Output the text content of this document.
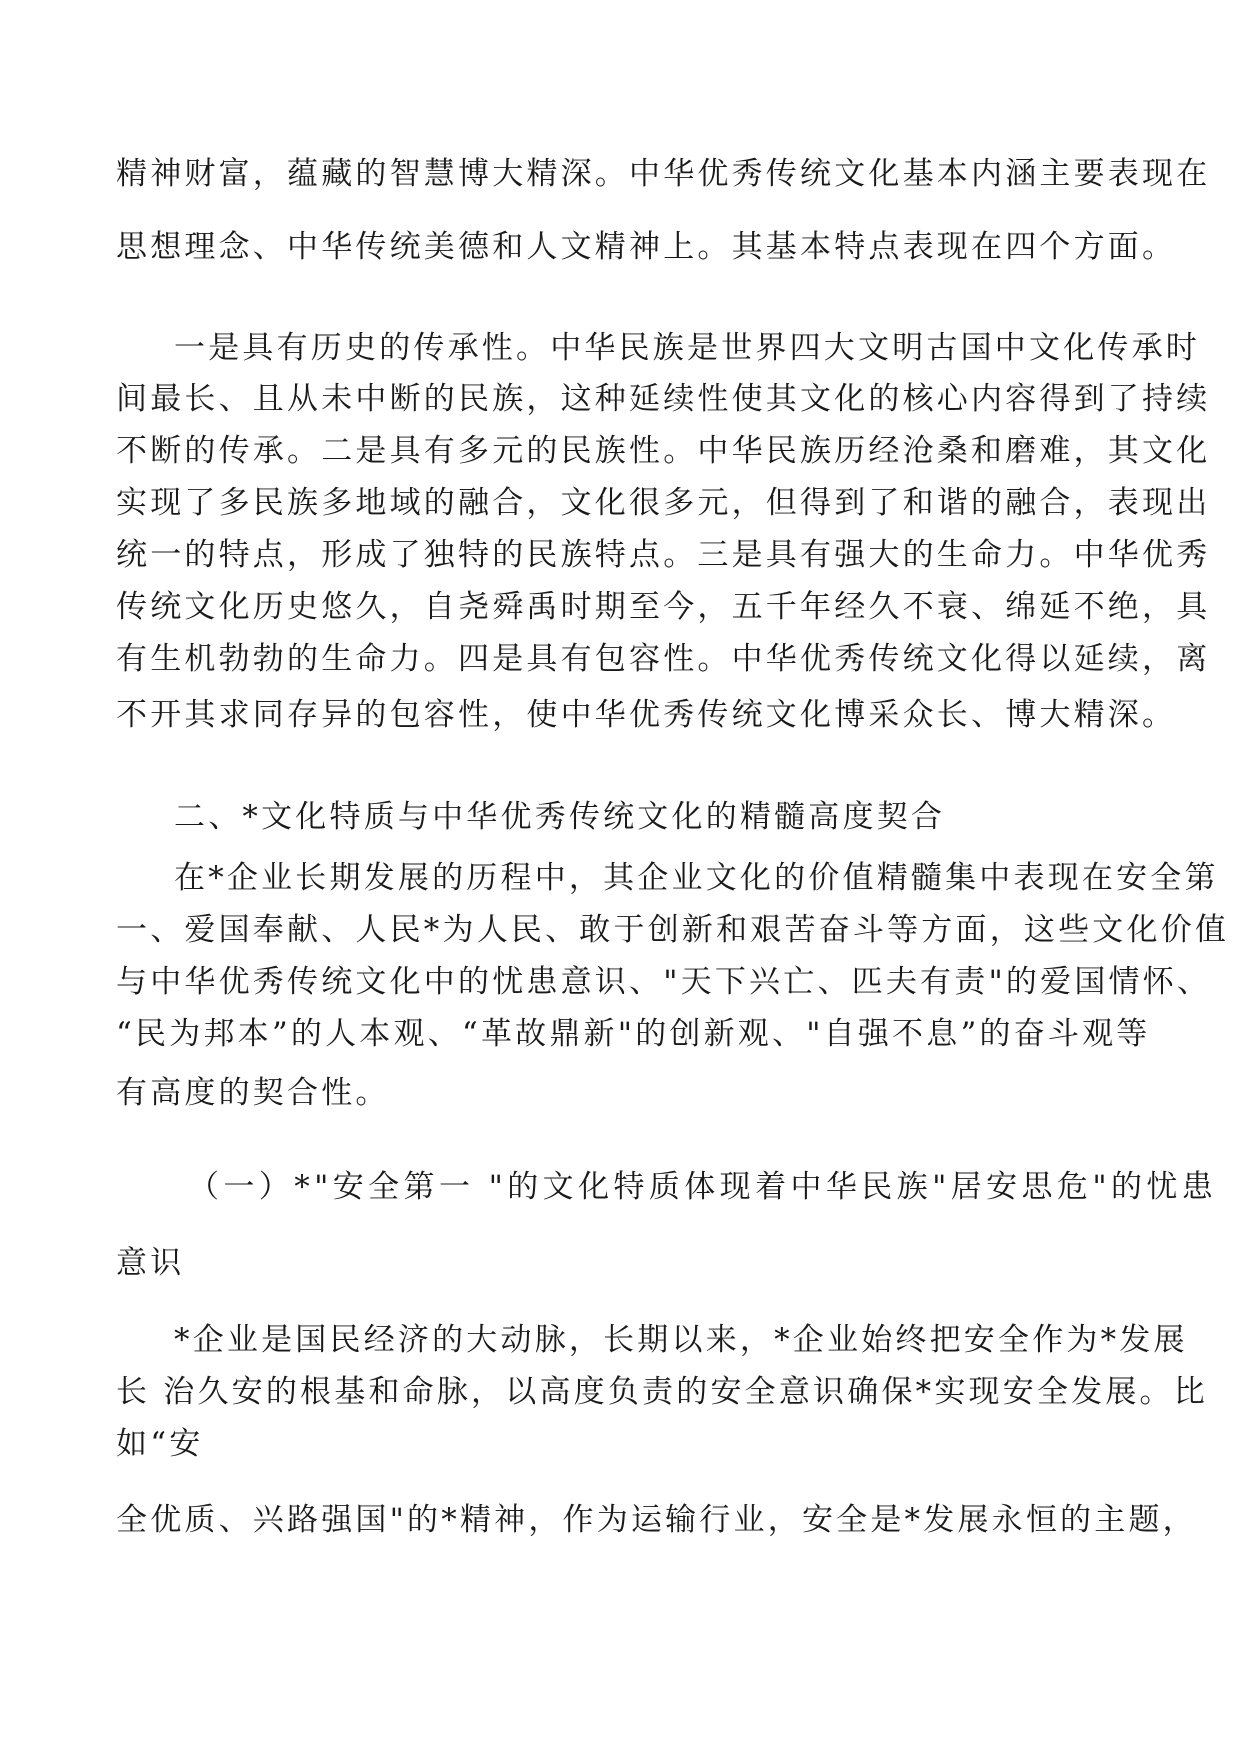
精神财富，蕴藏的智慧博大精深。中华优秀传统文化基本内涵主要表现在
思想理念、中华传统美德和人文精神上。其基本特点表现在四个方面。
一是具有历史的传承性。中华民族是世界四大文明古国中文化传承时
间最长、且从未中断的民族，这种延续性使其文化的核心内容得到了持续
不断的传承。二是具有多元的民族性。中华民族历经沧桑和磨难，其文化
实现了多民族多地域的融合，文化很多元，但得到了和谐的融合，表现出
统一的特点，形成了独特的民族特点。三是具有强大的生命力。中华优秀
传统文化历史悠久，自尧舜禹时期至今，五千年经久不衰、绵延不绝，具
有生机勃勃的生命力。四是具有包容性。中华优秀传统文化得以延续，离
不开其求同存异的包容性，使中华优秀传统文化博采众长、博大精深。
二、*文化特质与中华优秀传统文化的精髓高度契合
在*企业长期发展的历程中，其企业文化的价值精髓集中表现在安全第
一、爱国奉献、人民*为人民、敢于创新和艰苦奋斗等方面，这些文化价值
与中华优秀传统文化中的忧患意识、"天下兴亡、匹夫有责"的爱国情怀、
“民为邦本”的人本观、“革故鼎新"的创新观、"自强不息”的奋斗观等
有高度的契合性。
（一）*"安全第一 "的文化特质体现着中华民族"居安思危"的忧患
意识
*企业是国民经济的大动脉，长期以来，*企业始终把安全作为*发展
长 治久安的根基和命脉，以高度负责的安全意识确保*实现安全发展。比
如“安
全优质、兴路强国"的*精神，作为运输行业，安全是*发展永恒的主题，
